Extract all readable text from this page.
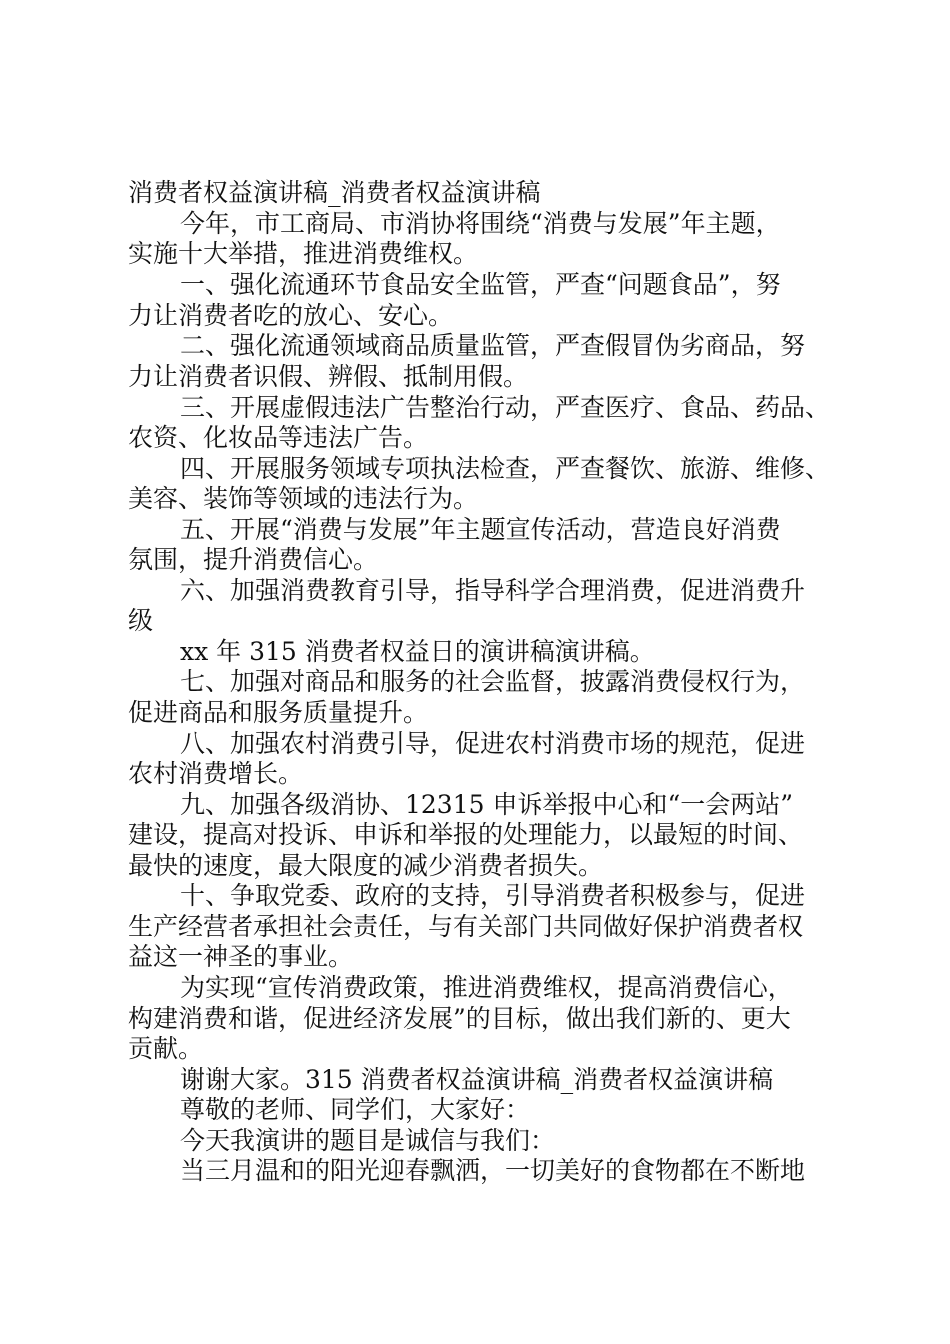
消费者权益演讲稿_消费者权益演讲稿
今年，市工商局、市消协将围绕“消费与发展”年主题，
实施十大举措，推进消费维权。
一、强化流通环节食品安全监管，严查“问题食品”，努
力让消费者吃的放心、安心。
二、强化流通领域商品质量监管，严查假冒伪劣商品，努
力让消费者识假、辨假、抵制用假。
三、开展虚假违法广告整治行动，严查医疗、食品、药品、
农资、化妆品等违法广告。
四、开展服务领域专项执法检查，严查餐饮、旅游、维修、
美容、装饰等领域的违法行为。
五、开展“消费与发展”年主题宣传活动，营造良好消费
氛围，提升消费信心。
六、加强消费教育引导，指导科学合理消费，促进消费升
级
xx 年 315 消费者权益日的演讲稿演讲稿。
七、加强对商品和服务的社会监督，披露消费侵权行为，
促进商品和服务质量提升。
八、加强农村消费引导，促进农村消费市场的规范，促进
农村消费增长。
九、加强各级消协、12315 申诉举报中心和“一会两站”
建设，提高对投诉、申诉和举报的处理能力，以最短的时间、
最快的速度，最大限度的减少消费者损失。
十、争取党委、政府的支持，引导消费者积极参与，促进
生产经营者承担社会责任，与有关部门共同做好保护消费者权
益这一神圣的事业。
为实现“宣传消费政策，推进消费维权，提高消费信心，
构建消费和谐，促进经济发展”的目标，做出我们新的、更大
贡献。
谢谢大家。315 消费者权益演讲稿_消费者权益演讲稿
尊敬的老师、同学们，大家好：
今天我演讲的题目是诚信与我们：
当三月温和的阳光迎春飘洒，一切美好的食物都在不断地
